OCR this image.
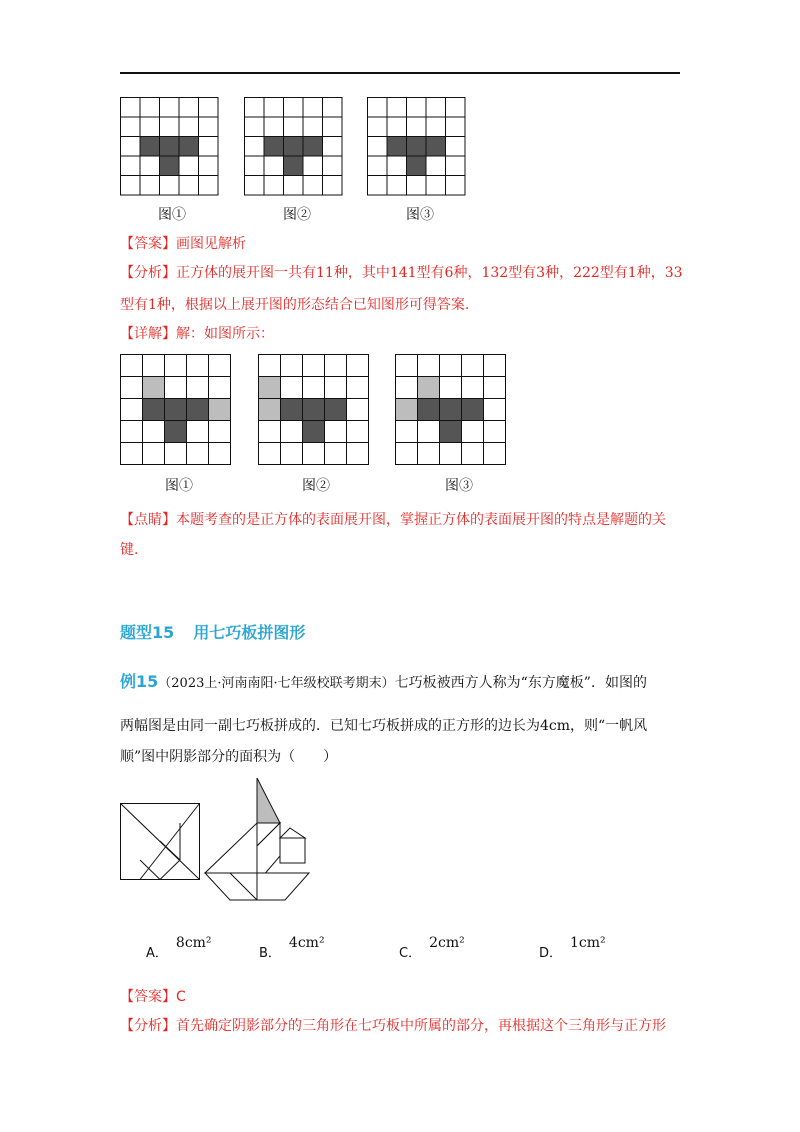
图①	图②	图③
【答案】画图见解析
【分析】正方体的展开图一共有11种，其中141型有6种，132型有3种，222型有1种，33
型有1种，根据以上展开图的形态结合已知图形可得答案.
【详解】解：如图所示：
图①	图②	图③
【点睛】本题考查的是正方体的表面展开图，掌握正方体的表面展开图的特点是解题的关
键.
题型15 用七巧板拼图形
例15（2023上·河南南阳·七年级校联考期末）七巧板被西方人称为“东方魔板”．如图的
两幅图是由同一副七巧板拼成的．已知七巧板拼成的正方形的边长为4cm，则“一帆风
顺”图中阴影部分的面积为（　　）
A．8cm²
B．4cm²
C．2cm²
D．1cm²
【答案】C
【分析】首先确定阴影部分的三角形在七巧板中所属的部分，再根据这个三角形与正方形
